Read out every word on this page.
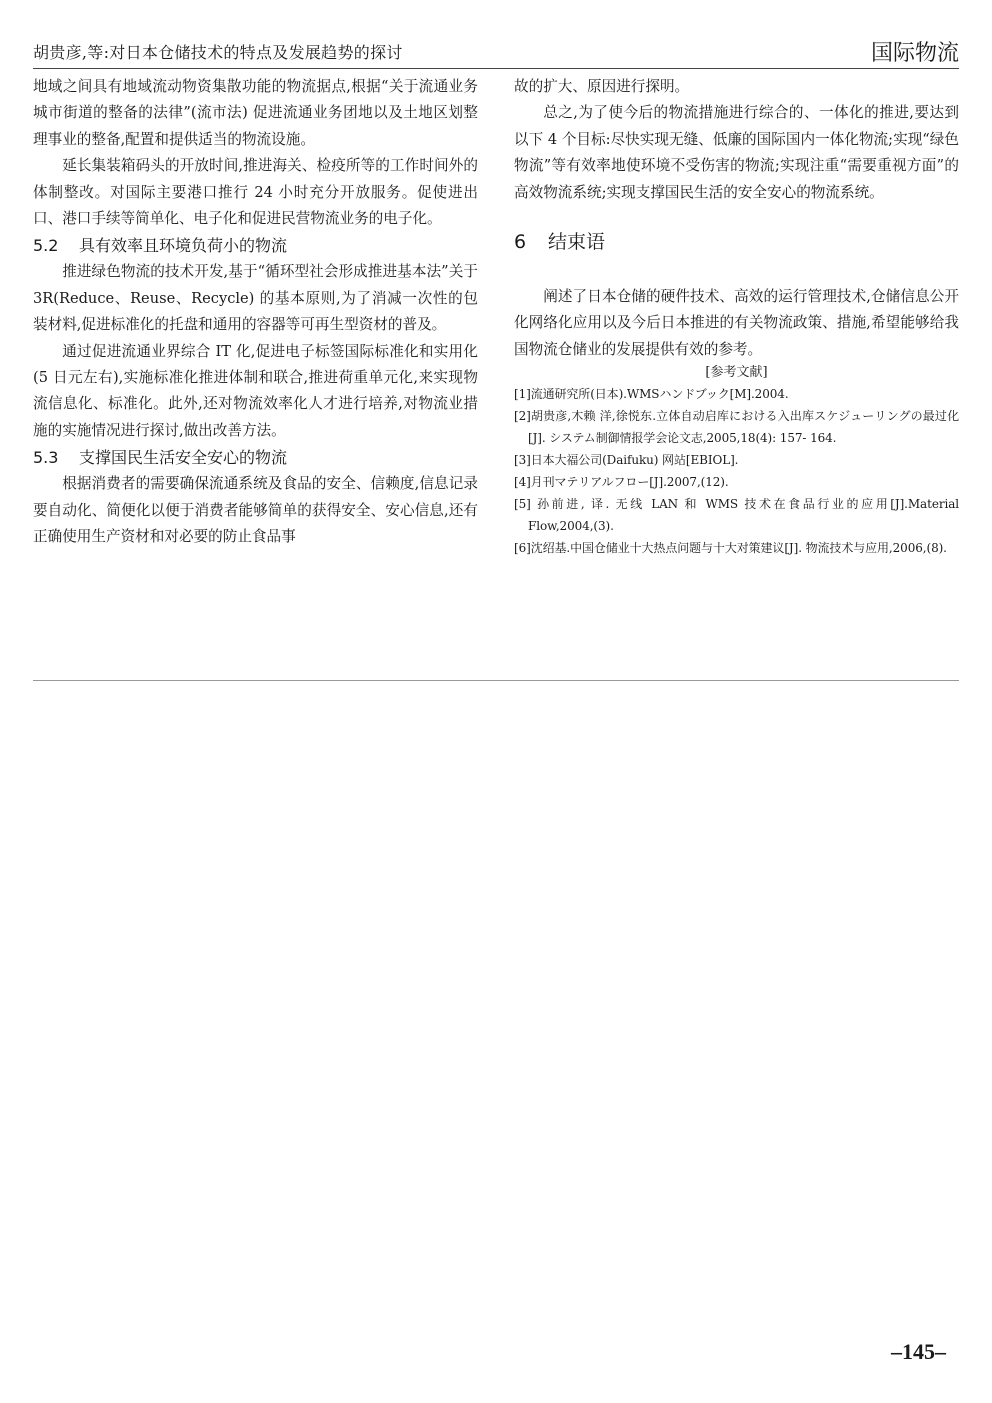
胡贵彦,等:对日本仓储技术的特点及发展趋势的探讨	国际物流

地域之间具有地域流动物资集散功能的物流据点,根据“关于流通业务城市街道的整备的法律”(流市法) 促进流通业务团地以及土地区划整理事业的整备,配置和提供适当的物流设施。

延长集装箱码头的开放时间,推进海关、检疫所等的工作时间外的体制整改。对国际主要港口推行 24 小时充分开放服务。促使进出口、港口手续等简单化、电子化和促进民营物流业务的电子化。

5.2 具有效率且环境负荷小的物流

推进绿色物流的技术开发,基于“循环型社会形成推进基本法”关于 3R(Reduce、Reuse、Recycle) 的基本原则,为了消减一次性的包装材料,促进标准化的托盘和通用的容器等可再生型资材的普及。

通过促进流通业界综合 IT 化,促进电子标签国际标准化和实用化(5 日元左右),实施标准化推进体制和联合,推进荷重单元化,来实现物流信息化、标准化。此外,还对物流效率化人才进行培养,对物流业措施的实施情况进行探讨,做出改善方法。

5.3 支撑国民生活安全安心的物流

根据消费者的需要确保流通系统及食品的安全、信赖度,信息记录要自动化、简便化以便于消费者能够简单的获得安全、安心信息,还有正确使用生产资材和对必要的防止食品事

故的扩大、原因进行探明。

总之,为了使今后的物流措施进行综合的、一体化的推进,要达到以下 4 个目标:尽快实现无缝、低廉的国际国内一体化物流;实现“绿色物流”等有效率地使环境不受伤害的物流;实现注重“需要重视方面”的高效物流系统;实现支撑国民生活的安全安心的物流系统。

6 结束语

阐述了日本仓储的硬件技术、高效的运行管理技术,仓储信息公开化网络化应用以及今后日本推进的有关物流政策、措施,希望能够给我国物流仓储业的发展提供有效的参考。

[参考文献]

[1]流通研究所(日本).WMSハンドブック[M].2004.

[2]胡贵彦,木赖 洋,徐悦东.立体自动启库における入出库スケジューリングの最过化 [J]. システム制御情报学会论文志,2005,18(4): 157- 164.

[3]日本大福公司(Daifuku) 网站[EBIOL].

[4]月刊マテリアルフロー[J].2007,(12).

[5] 孙前进, 译. 无线 LAN 和 WMS 技术在食品行业的应用[J].Material Flow,2004,(3).

[6]沈绍基.中国仓储业十大热点问题与十大对策建议[J]. 物流技术与应用,2006,(8).

–145–
